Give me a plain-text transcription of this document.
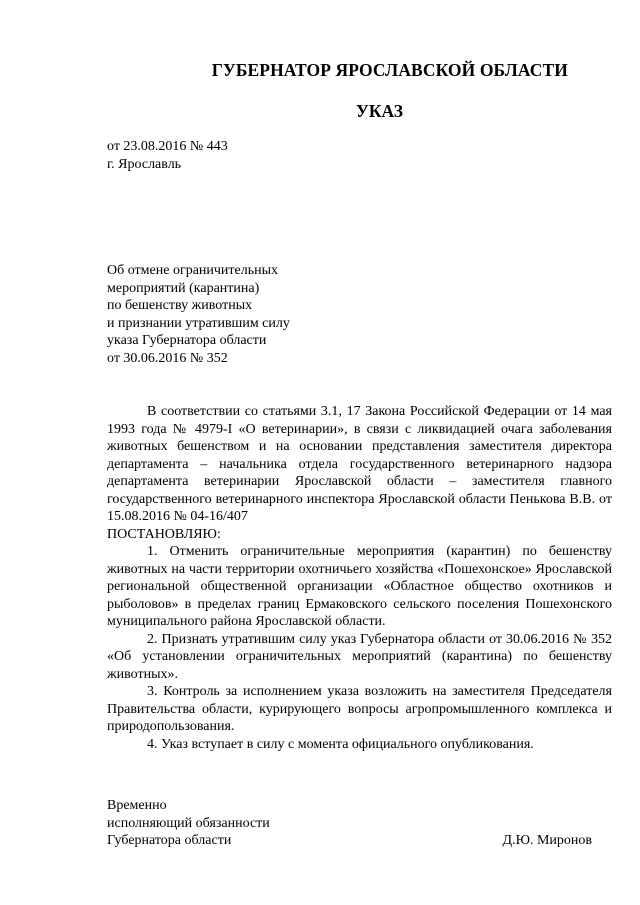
ГУБЕРНАТОР ЯРОСЛАВСКОЙ ОБЛАСТИ
УКАЗ
от 23.08.2016 № 443
г. Ярославль
Об отмене ограничительных
мероприятий (карантина)
по бешенству животных
и признании утратившим силу
указа Губернатора области
от 30.06.2016 № 352

В соответствии со статьями 3.1, 17 Закона Российской Федерации от 14 мая 1993 года № 4979-I «О ветеринарии», в связи с ликвидацией очага заболевания животных бешенством и на основании представления заместителя директора департамента – начальника отдела государственного ветеринарного надзора департамента ветеринарии Ярославской области – заместителя главного государственного ветеринарного инспектора Ярославской области Пенькова В.В. от 15.08.2016 № 04-16/407

ПОСТАНОВЛЯЮ:

1. Отменить ограничительные мероприятия (карантин) по бешенству животных на части территории охотничьего хозяйства «Пошехонское» Ярославской региональной общественной организации «Областное общество охотников и рыболовов» в пределах границ Ермаковского сельского поселения Пошехонского муниципального района Ярославской области.

2. Признать утратившим силу указ Губернатора области от 30.06.2016 № 352 «Об установлении ограничительных мероприятий (карантина) по бешенству животных».

3. Контроль за исполнением указа возложить на заместителя Председателя Правительства области, курирующего вопросы агропромышленного комплекса и природопользования.

4. Указ вступает в силу с момента официального опубликования.

Временно
исполняющий обязанности
Губернатора области	Д.Ю. Миронов
